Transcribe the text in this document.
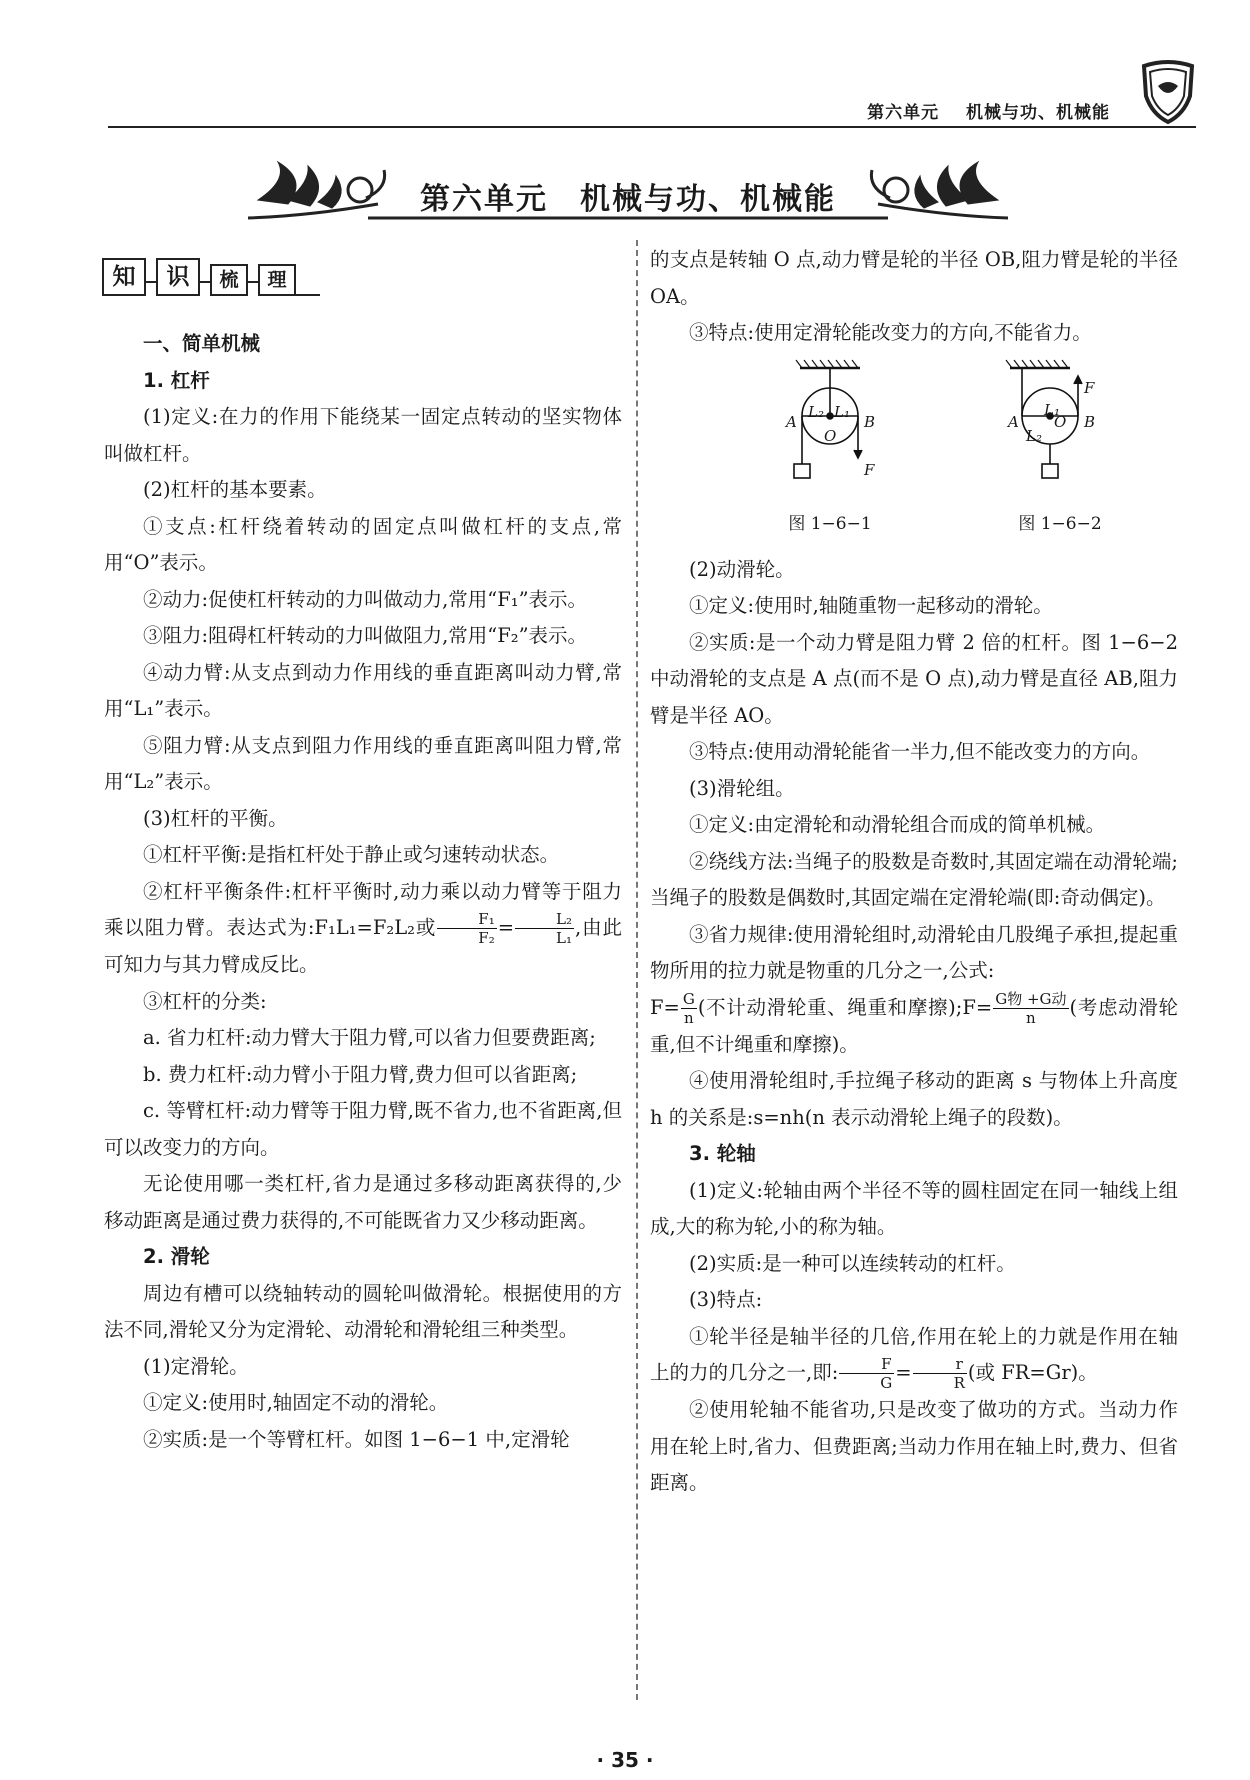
第六单元 机械与功、机械能
第六单元　机械与功、机械能
知	识	梳	理

一、简单机械

1. 杠杆

(1)定义:在力的作用下能绕某一固定点转动的坚实物体叫做杠杆。

(2)杠杆的基本要素。

①支点:杠杆绕着转动的固定点叫做杠杆的支点,常用“O”表示。

②动力:促使杠杆转动的力叫做动力,常用“F₁”表示。

③阻力:阻碍杠杆转动的力叫做阻力,常用“F₂”表示。

④动力臂:从支点到动力作用线的垂直距离叫动力臂,常用“L₁”表示。

⑤阻力臂:从支点到阻力作用线的垂直距离叫阻力臂,常用“L₂”表示。

(3)杠杆的平衡。

①杠杆平衡:是指杠杆处于静止或匀速转动状态。

②杠杆平衡条件:杠杆平衡时,动力乘以动力臂等于阻力乘以阻力臂。表达式为:F₁L₁=F₂L₂或 $\frac{\text{F₁}}{\text{F₂}} = \frac{\text{L₂}}{\text{L₁}}$ ,由此可知力与其力臂成反比。

③杠杆的分类:

a. 省力杠杆:动力臂大于阻力臂,可以省力但要费距离;

b. 费力杠杆:动力臂小于阻力臂,费力但可以省距离;

c. 等臂杠杆:动力臂等于阻力臂,既不省力,也不省距离,但可以改变力的方向。

无论使用哪一类杠杆,省力是通过多移动距离获得的,少移动距离是通过费力获得的,不可能既省力又少移动距离。

2. 滑轮

周边有槽可以绕轴转动的圆轮叫做滑轮。根据使用的方法不同,滑轮又分为定滑轮、动滑轮和滑轮组三种类型。

(1)定滑轮。

①定义:使用时,轴固定不动的滑轮。

②实质:是一个等臂杠杆。如图 1−6−1 中,定滑轮

的支点是转轴 O 点,动力臂是轮的半径 OB,阻力臂是轮的半径 OA。

③特点:使用定滑轮能改变力的方向,不能省力。

L₂ L₁
A	B
O
F
图 1−6−1
F
L₁
A O B
L₂
图 1−6−2

(2)动滑轮。

①定义:使用时,轴随重物一起移动的滑轮。

②实质:是一个动力臂是阻力臂 2 倍的杠杆。图 1−6−2中动滑轮的支点是 A 点(而不是 O 点),动力臂是直径 AB,阻力臂是半径 AO。

③特点:使用动滑轮能省一半力,但不能改变力的方向。

(3)滑轮组。

①定义:由定滑轮和动滑轮组合而成的简单机械。

②绕线方法:当绳子的股数是奇数时,其固定端在动滑轮端;当绳子的股数是偶数时,其固定端在定滑轮端(即:奇动偶定)。

③省力规律:使用滑轮组时,动滑轮由几股绳子承担,提起重物所用的拉力就是物重的几分之一,公式:

$F= \frac{G}{n}$ (不计动滑轮重、绳重和摩擦);F= $\frac{\text{G物 +G动}}{n}$ (考虑动滑轮重,但不计绳重和摩擦)。

④使用滑轮组时,手拉绳子移动的距离 s 与物体上升高度 h 的关系是:s=nh(n 表示动滑轮上绳子的段数)。

3. 轮轴

(1)定义:轮轴由两个半径不等的圆柱固定在同一轴线上组成,大的称为轮,小的称为轴。

(2)实质:是一种可以连续转动的杠杆。

(3)特点:

①轮半径是轴半径的几倍,作用在轮上的力就是作用在轴上的力的几分之一,即: $\frac{F}{G} = \frac{r}{R}$ (或 FR=Gr)。

②使用轮轴不能省功,只是改变了做功的方式。当动力作用在轮上时,省力、但费距离;当动力作用在轴上时,费力、但省距离。

· 35 ·
